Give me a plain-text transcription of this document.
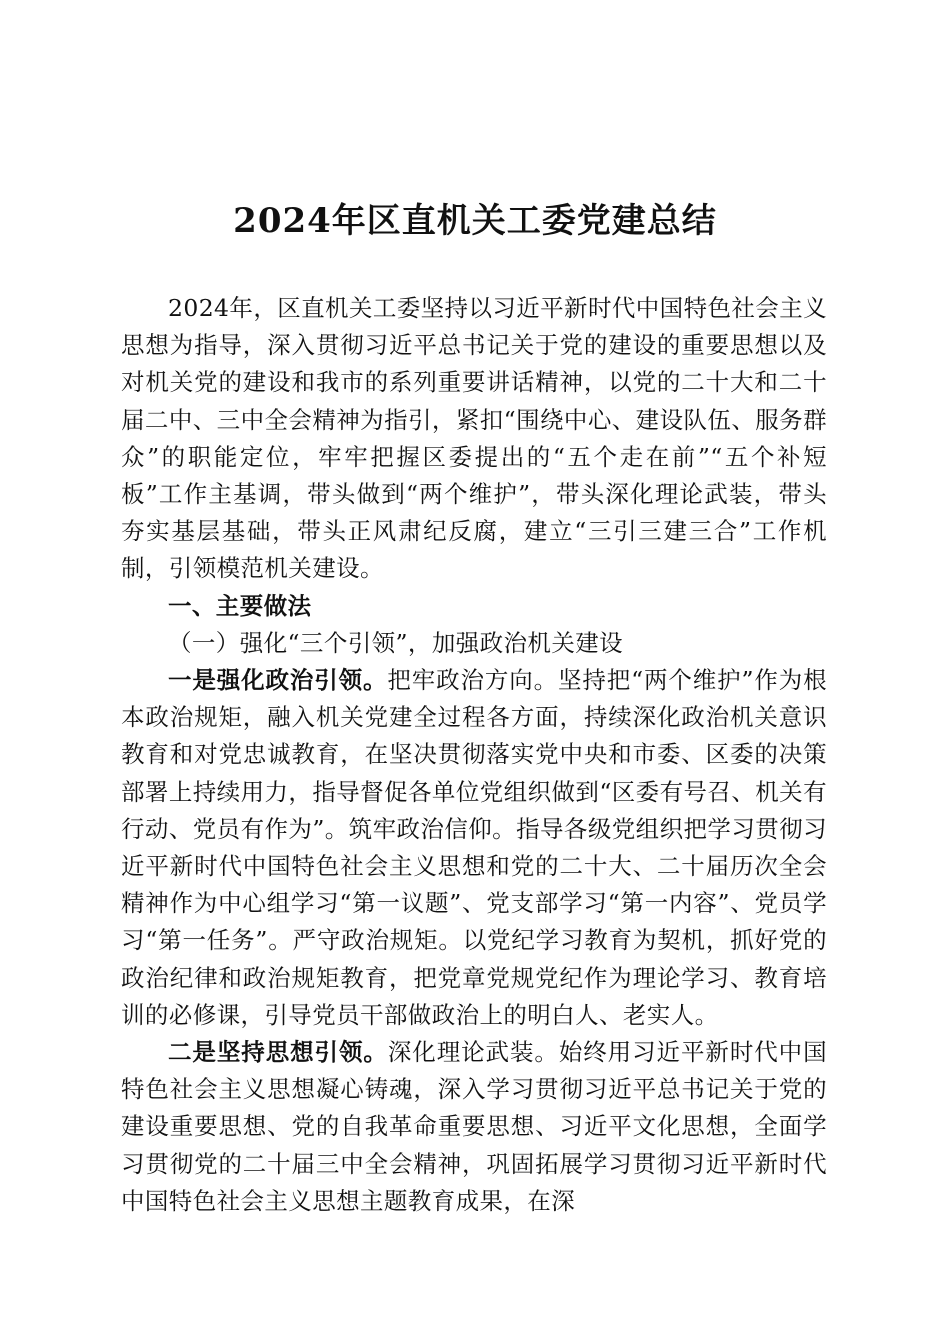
2024年区直机关工委党建总结

2024年，区直机关工委坚持以习近平新时代中国特色社会主义思想为指导，深入贯彻习近平总书记关于党的建设的重要思想以及对机关党的建设和我市的系列重要讲话精神，以党的二十大和二十届二中、三中全会精神为指引，紧扣“围绕中心、建设队伍、服务群众”的职能定位，牢牢把握区委提出的“五个走在前”“五个补短板”工作主基调，带头做到“两个维护”，带头深化理论武装，带头夯实基层基础，带头正风肃纪反腐，建立“三引三建三合”工作机制，引领模范机关建设。

一、主要做法

（一）强化“三个引领”，加强政治机关建设

一是强化政治引领。把牢政治方向。坚持把“两个维护”作为根本政治规矩，融入机关党建全过程各方面，持续深化政治机关意识教育和对党忠诚教育，在坚决贯彻落实党中央和市委、区委的决策部署上持续用力，指导督促各单位党组织做到“区委有号召、机关有行动、党员有作为”。筑牢政治信仰。指导各级党组织把学习贯彻习近平新时代中国特色社会主义思想和党的二十大、二十届历次全会精神作为中心组学习“第一议题”、党支部学习“第一内容”、党员学习“第一任务”。严守政治规矩。以党纪学习教育为契机，抓好党的政治纪律和政治规矩教育，把党章党规党纪作为理论学习、教育培训的必修课，引导党员干部做政治上的明白人、老实人。

二是坚持思想引领。深化理论武装。始终用习近平新时代中国特色社会主义思想凝心铸魂，深入学习贯彻习近平总书记关于党的建设重要思想、党的自我革命重要思想、习近平文化思想，全面学习贯彻党的二十届三中全会精神，巩固拓展学习贯彻习近平新时代中国特色社会主义思想主题教育成果，在深
